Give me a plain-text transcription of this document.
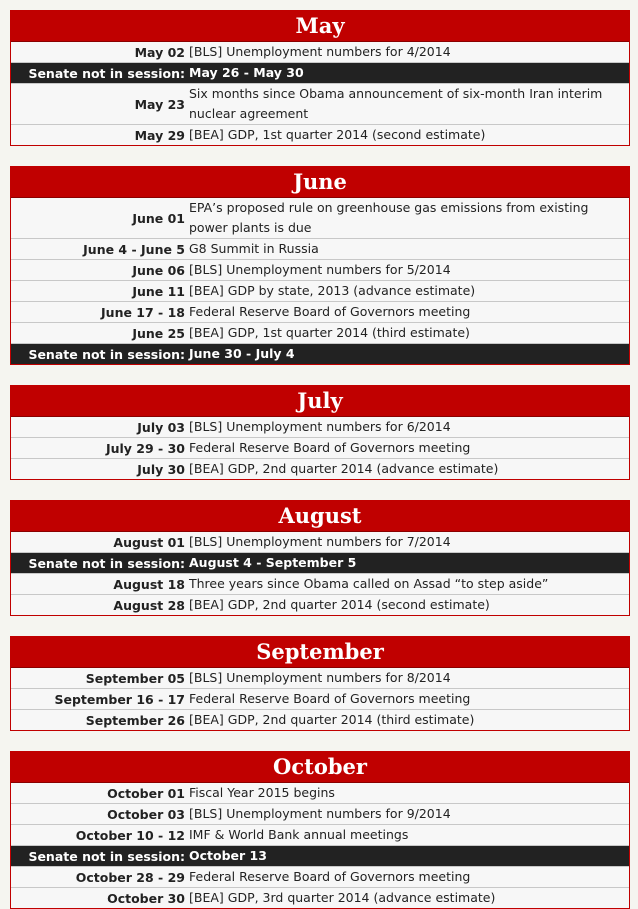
May
May 02 [BLS] Unemployment numbers for 4/2014
Senate not in session: May 26 - May 30
May 23
Six months since Obama announcement of six-month Iran interim nuclear agreement
May 29 [BEA] GDP, 1st quarter 2014 (second estimate)
June
June 01
EPA’s proposed rule on greenhouse gas emissions from existing power plants is due
June 4 - June 5 G8 Summit in Russia
June 06 [BLS] Unemployment numbers for 5/2014
June 11 [BEA] GDP by state, 2013 (advance estimate)
June 17 - 18 Federal Reserve Board of Governors meeting
June 25 [BEA] GDP, 1st quarter 2014 (third estimate)
Senate not in session: June 30 - July 4
July
July 03 [BLS] Unemployment numbers for 6/2014
July 29 - 30 Federal Reserve Board of Governors meeting
July 30 [BEA] GDP, 2nd quarter 2014 (advance estimate)
August
August 01 [BLS] Unemployment numbers for 7/2014
Senate not in session: August 4 - September 5
August 18 Three years since Obama called on Assad “to step aside”
August 28 [BEA] GDP, 2nd quarter 2014 (second estimate)
September
September 05 [BLS] Unemployment numbers for 8/2014
September 16 - 17 Federal Reserve Board of Governors meeting
September 26 [BEA] GDP, 2nd quarter 2014 (third estimate)
October
October 01 Fiscal Year 2015 begins
October 03 [BLS] Unemployment numbers for 9/2014
October 10 - 12 IMF & World Bank annual meetings
Senate not in session: October 13
October 28 - 29 Federal Reserve Board of Governors meeting
October 30 [BEA] GDP, 3rd quarter 2014 (advance estimate)
